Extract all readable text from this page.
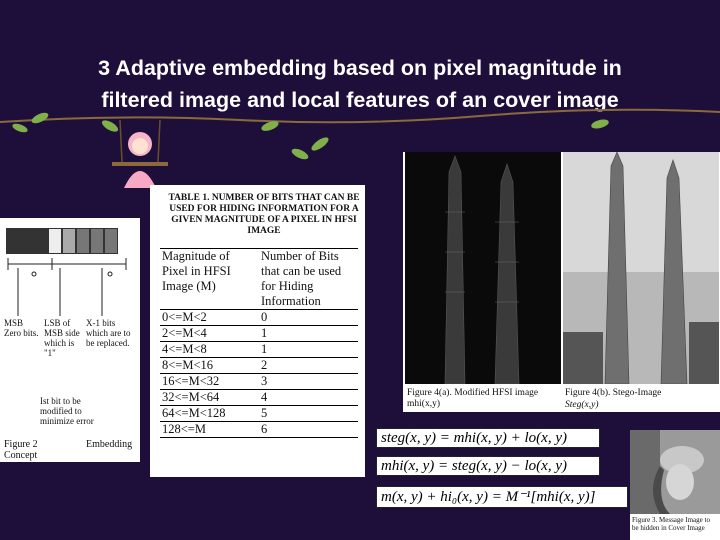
3 Adaptive embedding based on pixel magnitude in
filtered image and local features of an cover image
MSB Zero bits.
LSB of MSB side which is "1"
X-1 bits which are to be replaced.
Ist bit to be modified to minimize error
Figure 2	Embedding
Concept
TABLE 1. NUMBER OF BITS THAT CAN BE USED FOR HIDING INFORMATION FOR A GIVEN MAGNITUDE OF A PIXEL IN HFSI IMAGE
Magnitude of Pixel in HFSI Image (M)	Number of Bits that can be used for Hiding Information
0<=M<2	0
2<=M<4	1
4<=M<8	1
8<=M<16	2
16<=M<32	3
32<=M<64	4
64<=M<128	5
128<=M	6
Figure 4(a). Modified HFSI image mhi(x,y)
Figure 4(b). Stego-Image
Steg(x,y)
steg(x, y) = mhi(x, y) + lo(x, y)
mhi(x, y) = steg(x, y) − lo(x, y)
m(x, y) + hi₀(x, y) = M⁻¹[mhi(x, y)]
Figure 3. Message Image to be hidden in Cover Image
